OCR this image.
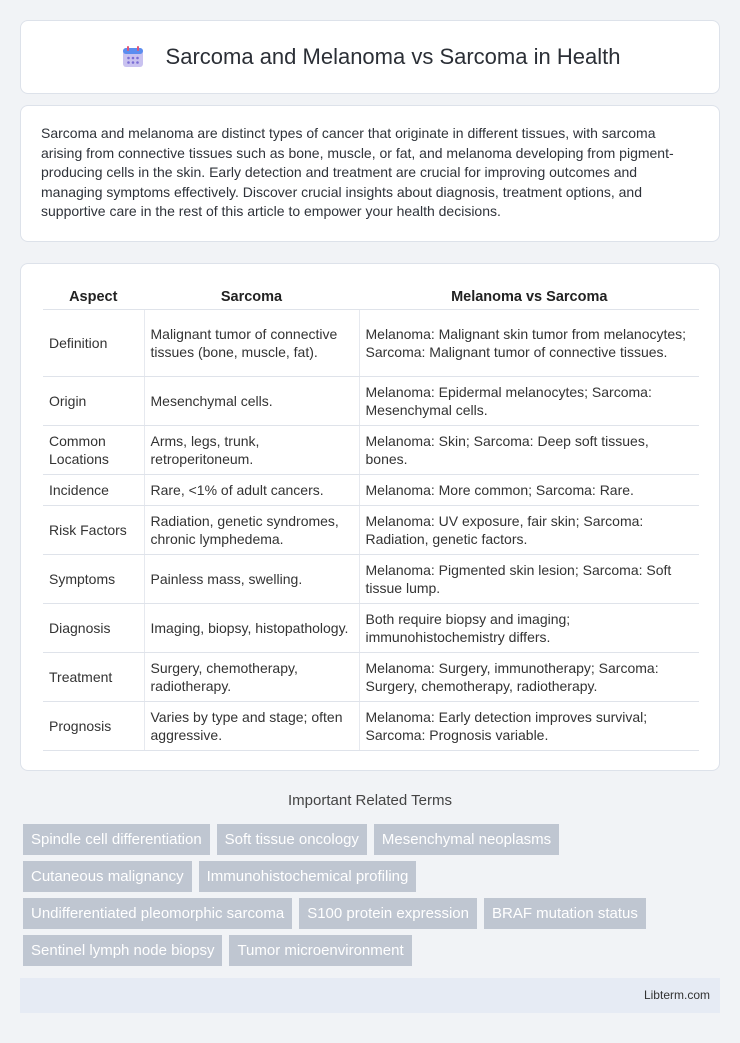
Sarcoma and Melanoma vs Sarcoma in Health

Sarcoma and melanoma are distinct types of cancer that originate in different tissues, with sarcoma arising from connective tissues such as bone, muscle, or fat, and melanoma developing from pigment-producing cells in the skin. Early detection and treatment are crucial for improving outcomes and managing symptoms effectively. Discover crucial insights about diagnosis, treatment options, and supportive care in the rest of this article to empower your health decisions.

Aspect	Sarcoma	Melanoma vs Sarcoma
Definition	Malignant tumor of connective tissues (bone, muscle, fat).	Melanoma: Malignant skin tumor from melanocytes; Sarcoma: Malignant tumor of connective tissues.
Origin	Mesenchymal cells.	Melanoma: Epidermal melanocytes; Sarcoma: Mesenchymal cells.
Common Locations	Arms, legs, trunk, retroperitoneum.	Melanoma: Skin; Sarcoma: Deep soft tissues, bones.
Incidence	Rare, <1% of adult cancers.	Melanoma: More common; Sarcoma: Rare.
Risk Factors	Radiation, genetic syndromes, chronic lymphedema.	Melanoma: UV exposure, fair skin; Sarcoma: Radiation, genetic factors.
Symptoms	Painless mass, swelling.	Melanoma: Pigmented skin lesion; Sarcoma: Soft tissue lump.
Diagnosis	Imaging, biopsy, histopathology.	Both require biopsy and imaging; immunohistochemistry differs.
Treatment	Surgery, chemotherapy, radiotherapy.	Melanoma: Surgery, immunotherapy; Sarcoma: Surgery, chemotherapy, radiotherapy.
Prognosis	Varies by type and stage; often aggressive.	Melanoma: Early detection improves survival; Sarcoma: Prognosis variable.
Important Related Terms
Spindle cell differentiation	Soft tissue oncology	Mesenchymal neoplasms
Cutaneous malignancy	Immunohistochemical profiling
Undifferentiated pleomorphic sarcoma	S100 protein expression	BRAF mutation status
Sentinel lymph node biopsy	Tumor microenvironment
Libterm.com
